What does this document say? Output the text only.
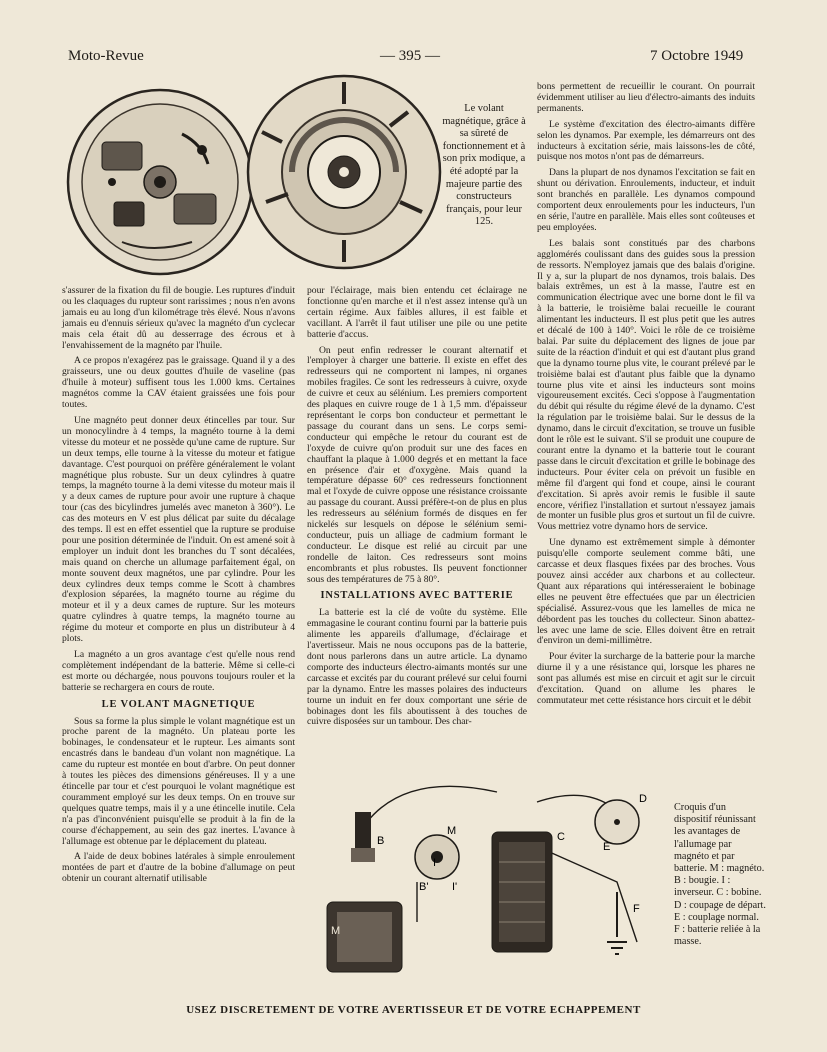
Moto-Revue	— 395 —	7 Octobre 1949
Le volant magnétique, grâce à sa sûreté de fonctionnement et à son prix modique, a été adopté par la majeure partie des constructeurs français, pour leur 125.

s'assurer de la fixation du fil de bougie. Les ruptures d'induit ou les claquages du rupteur sont rarissimes ; nous n'en avons jamais eu au long d'un kilométrage très élevé. Nous n'avons jamais eu d'ennuis sérieux qu'avec la magnéto d'un cyclecar mais cela était dû au desserrage des écrous et à l'envahissement de la magnéto par l'huile.

A ce propos n'exagérez pas le graissage. Quand il y a des graisseurs, une ou deux gouttes d'huile de vaseline (pas d'huile à moteur) suffisent tous les 1.000 kms. Certaines magnétos comme la CAV étaient graissées une fois pour toutes.

Une magnéto peut donner deux étincelles par tour. Sur un monocylindre à 4 temps, la magnéto tourne à la demi vitesse du moteur et ne possède qu'une came de rupture. Sur un deux temps, elle tourne à la vitesse du moteur et fatigue davantage. C'est pourquoi on préfère généralement le volant magnétique plus robuste. Sur un deux cylindres à quatre temps, la magnéto tourne à la demi vitesse du moteur mais il y a deux cames de rupture pour avoir une rupture à chaque tour (cas des bicylindres jumelés avec maneton à 360°). Le cas des moteurs en V est plus délicat par suite du décalage des temps. Il est en effet essentiel que la rupture se produise pour une position déterminée de l'induit. On est amené soit à employer un induit dont les branches du T sont décalées, mais quand on cherche un allumage parfaitement égal, on monte souvent deux magnétos, une par cylindre. Pour les deux cylindres deux temps comme le Scott à chambres d'explosion séparées, la magnéto tourne au régime du moteur et il y a deux cames de rupture. Sur les moteurs quatre cylindres à quatre temps, la magnéto tourne au régime du moteur et comporte en plus un distributeur à 4 plots.

La magnéto a un gros avantage c'est qu'elle nous rend complètement indépendant de la batterie. Même si celle-ci est morte ou déchargée, nous pouvons toujours rouler et la batterie se rechargera en cours de route.

LE VOLANT MAGNETIQUE

Sous sa forme la plus simple le volant magnétique est un proche parent de la magnéto. Un plateau porte les bobinages, le condensateur et le rupteur. Les aimants sont encastrés dans le bandeau d'un volant non magnétique. La came du rupteur est montée en bout d'arbre. On peut donner à toutes les pièces des dimensions généreuses. Il y a une étincelle par tour et c'est pourquoi le volant magnétique est couramment employé sur les deux temps. On en trouve sur quelques quatre temps, mais il y a une étincelle inutile. Cela n'a pas d'inconvénient puisqu'elle se produit à la fin de la course d'échappement, au sein des gaz inertes. L'avance à l'allumage est obtenue par le déplacement du plateau.

A l'aide de deux bobines latérales à simple enroulement montées de part et d'autre de la bobine d'allumage on peut obtenir un courant alternatif utilisable

pour l'éclairage, mais bien entendu cet éclairage ne fonctionne qu'en marche et il n'est assez intense qu'à un certain régime. Aux faibles allures, il est faible et vacillant. A l'arrêt il faut utiliser une pile ou une petite batterie d'accus.

On peut enfin redresser le courant alternatif et l'employer à charger une batterie. Il existe en effet des redresseurs qui ne comportent ni lampes, ni organes mobiles fragiles. Ce sont les redresseurs à cuivre, oxyde de cuivre et ceux au sélénium. Les premiers comportent des plaques en cuivre rouge de 1 à 1,5 mm. d'épaisseur représentant le corps bon conducteur et permettant le passage du courant dans un sens. Le corps semi-conducteur qui empêche le retour du courant est de l'oxyde de cuivre qu'on produit sur une des faces en chauffant la plaque à 1.000 degrés et en mettant la face en présence d'air et d'oxygène. Mais quand la température dépasse 60° ces redresseurs fonctionnent mal et l'oxyde de cuivre oppose une résistance croissante au passage du courant. Aussi préfère-t-on de plus en plus les redresseurs au sélénium formés de disques en fer nickelés sur lesquels on dépose le sélénium semi-conducteur, puis un alliage de cadmium formant le conducteur. Le disque est relié au circuit par une rondelle de laiton. Ces redresseurs sont moins encombrants et plus robustes. Ils peuvent fonctionner sous des températures de 75 à 80°.

INSTALLATIONS AVEC BATTERIE

La batterie est la clé de voûte du système. Elle emmagasine le courant continu fourni par la batterie puis alimente les appareils d'allumage, d'éclairage et l'avertisseur. Mais ne nous occupons pas de la batterie, dont nous parlerons dans un autre article. La dynamo comporte des inducteurs électro-aimants montés sur une carcasse et excités par du courant prélevé sur celui fourni par la dynamo. Entre les masses polaires des inducteurs tourne un induit en fer doux comportant une série de bobinages dont les fils aboutissent à des touches de cuivre disposées sur un tambour. Des char-

bons permettent de recueillir le courant. On pourrait évidemment utiliser au lieu d'électro-aimants des induits permanents.

Le système d'excitation des électro-aimants diffère selon les dynamos. Par exemple, les démarreurs ont des inducteurs à excitation série, mais laissons-les de côté, puisque nos motos n'ont pas de démarreurs.

Dans la plupart de nos dynamos l'excitation se fait en shunt ou dérivation. Enroulements, inducteur, et induit sont branchés en parallèle. Les dynamos compound comportent deux enroulements pour les inducteurs, l'un en série, l'autre en parallèle. Mais elles sont coûteuses et peu employées.

Les balais sont constitués par des charbons agglomérés coulissant dans des guides sous la pression de ressorts. N'employez jamais que des balais d'origine. Il y a, sur la plupart de nos dynamos, trois balais. Des balais extrêmes, un est à la masse, l'autre est en communication électrique avec une borne dont le fil va à la batterie, le troisième balai recueille le courant alimentant les inducteurs. Il est plus petit que les autres et décalé de 100 à 140°. Voici le rôle de ce troisième balai. Par suite du déplacement des lignes de joue par suite de la réaction d'induit et qui est d'autant plus grand que la dynamo tourne plus vite, le courant prélevé par le troisième balai est d'autant plus faible que la dynamo tourne plus vite et ainsi les inducteurs sont moins vigoureusement excités. Ceci s'oppose à l'augmentation du débit qui résulte du régime élevé de la dynamo. C'est la régulation par le troisième balai. Sur le dessus de la dynamo, dans le circuit d'excitation, se trouve un fusible dont le rôle est le suivant. S'il se produit une coupure de courant entre la dynamo et la batterie tout le courant passe dans le circuit d'excitation et grille le bobinage des inducteurs. Pour éviter cela on prévoit un fusible en même fil d'argent qui fond et coupe, ainsi le courant d'excitation. Si après avoir remis le fusible il saute encore, vérifiez l'installation et surtout n'essayez jamais de monter un fusible plus gros et surtout un fil de cuivre. Vous mettriez votre dynamo hors de service.

Une dynamo est extrêmement simple à démonter puisqu'elle comporte seulement comme bâti, une carcasse et deux flasques fixées par des broches. Vous pouvez ainsi accéder aux charbons et au collecteur. Quant aux réparations qui intéresseraient le bobinage elles ne peuvent être effectuées que par un électricien spécialisé. Assurez-vous que les lamelles de mica ne débordent pas les touches du collecteur. Sinon abattez-les avec une lame de scie. Elles doivent être en retrait d'environ un demi-millimètre.

Pour éviter la surcharge de la batterie pour la marche diurne il y a une résistance qui, lorsque les phares ne sont pas allumés est mise en circuit et agit sur le circuit d'excitation. Quand on allume les phares le commutateur met cette résistance hors circuit et le débit

B
M
I
C
B' I'
D
E
F
M
Croquis d'un dispositif réunissant les avantages de l'allumage par magnéto et par batterie. M : magnéto. B : bougie. I : inverseur. C : bobine. D : coupage de départ. E : couplage normal. F : batterie reliée à la masse.
USEZ DISCRETEMENT DE VOTRE AVERTISSEUR ET DE VOTRE ECHAPPEMENT
